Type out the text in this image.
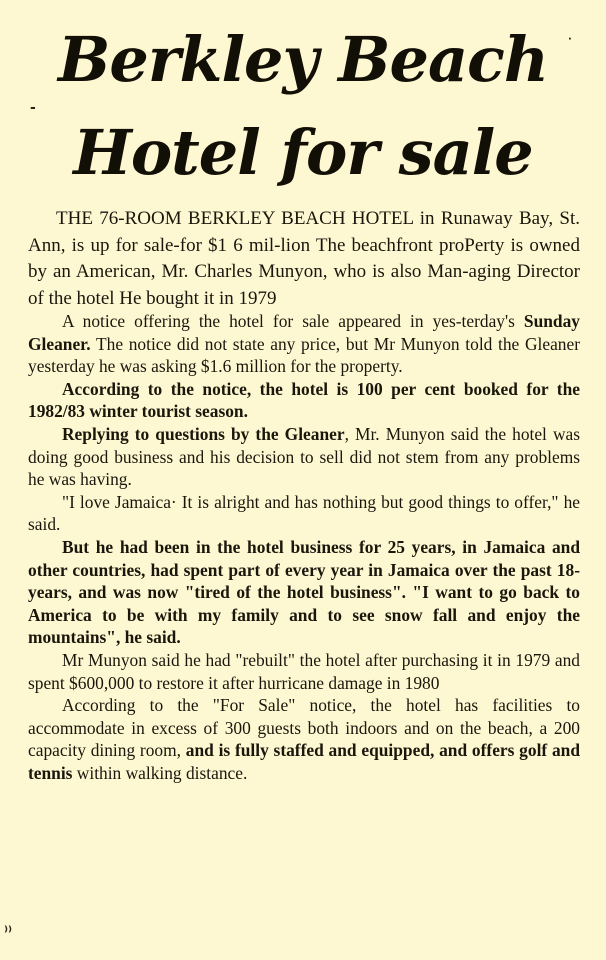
Berkley Beach
Hotel for sale

THE 76-ROOM BERKLEY BEACH HOTEL in Runaway Bay, St. Ann, is up for sale-for $1 6 mil-lion The beachfront proPerty is owned by an American, Mr. Charles Munyon, who is also Man-aging Director of the hotel He bought it in 1979

A notice offering the hotel for sale appeared in yes-terday's Sunday Gleaner. The notice did not state any price, but Mr Munyon told the Gleaner yesterday he was asking $1.6 million for the property.

According to the notice, the hotel is 100 per cent booked for the 1982/83 winter tourist season.

Replying to questions by the Gleaner, Mr. Munyon said the hotel was doing good business and his decision to sell did not stem from any problems he was having.

"I love Jamaica· It is alright and has nothing but good things to offer," he said.

But he had been in the hotel business for 25 years, in Jamaica and other countries, had spent part of every year in Jamaica over the past 18-years, and was now "tired of the hotel business". "I want to go back to America to be with my family and to see snow fall and enjoy the mountains", he said.

Mr Munyon said he had "rebuilt" the hotel after purchasing it in 1979 and spent $600,000 to restore it after hurricane damage in 1980

According to the "For Sale" notice, the hotel has facilities to accommodate in excess of 300 guests both indoors and on the beach, a 200 capacity dining room, and is fully staffed and equipped, and offers golf and tennis within walking distance.

-
·
⁾⁾
